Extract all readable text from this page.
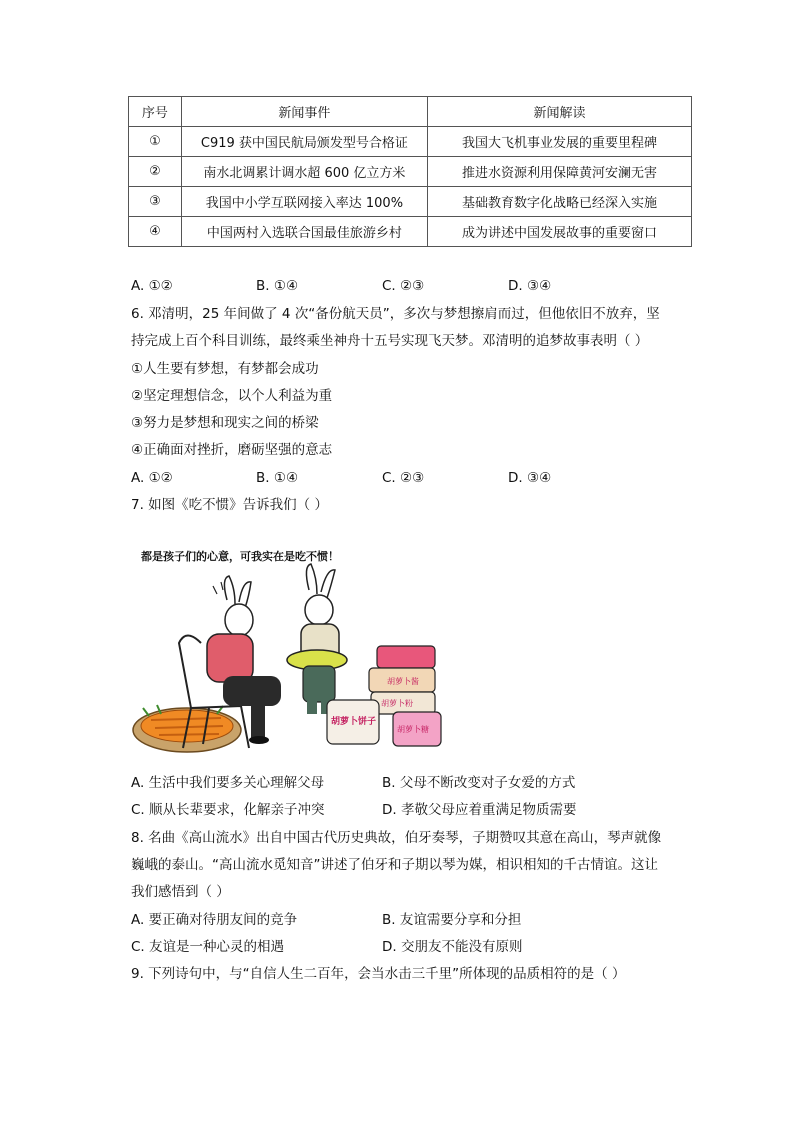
序号	新闻事件	新闻解读
①	C919 获中国民航局颁发型号合格证	我国大飞机事业发展的重要里程碑
②	南水北调累计调水超 600 亿立方米	推进水资源利用保障黄河安澜无害
③	我国中小学互联网接入率达 100%	基础教育数字化战略已经深入实施
④	中国两村入选联合国最佳旅游乡村	成为讲述中国发展故事的重要窗口
A. ①②	B. ①④	C. ②③	D. ③④
6. 邓清明，25 年间做了 4 次“备份航天员”，多次与梦想擦肩而过，但他依旧不放弃，坚
持完成上百个科目训练，最终乘坐神舟十五号实现飞天梦。邓清明的追梦故事表明（ ）
①人生要有梦想，有梦都会成功
②坚定理想信念，以个人利益为重
③努力是梦想和现实之间的桥梁
④正确面对挫折，磨砺坚强的意志
A. ①②	B. ①④	C. ②③	D. ③④
7. 如图《吃不惯》告诉我们（ ）
都是孩子们的心意，可我实在是吃不惯！
胡萝卜酱
胡萝卜粉
胡萝卜饼子
胡萝卜糖
A. 生活中我们要多关心理解父母	B. 父母不断改变对子女爱的方式
C. 顺从长辈要求，化解亲子冲突	D. 孝敬父母应着重满足物质需要
8. 名曲《高山流水》出自中国古代历史典故，伯牙奏琴，子期赞叹其意在高山，琴声就像
巍峨的泰山。“高山流水觅知音”讲述了伯牙和子期以琴为媒，相识相知的千古情谊。这让
我们感悟到（ ）
A. 要正确对待朋友间的竞争	B. 友谊需要分享和分担
C. 友谊是一种心灵的相遇	D. 交朋友不能没有原则
9. 下列诗句中，与“自信人生二百年，会当水击三千里”所体现的品质相符的是（ ）
